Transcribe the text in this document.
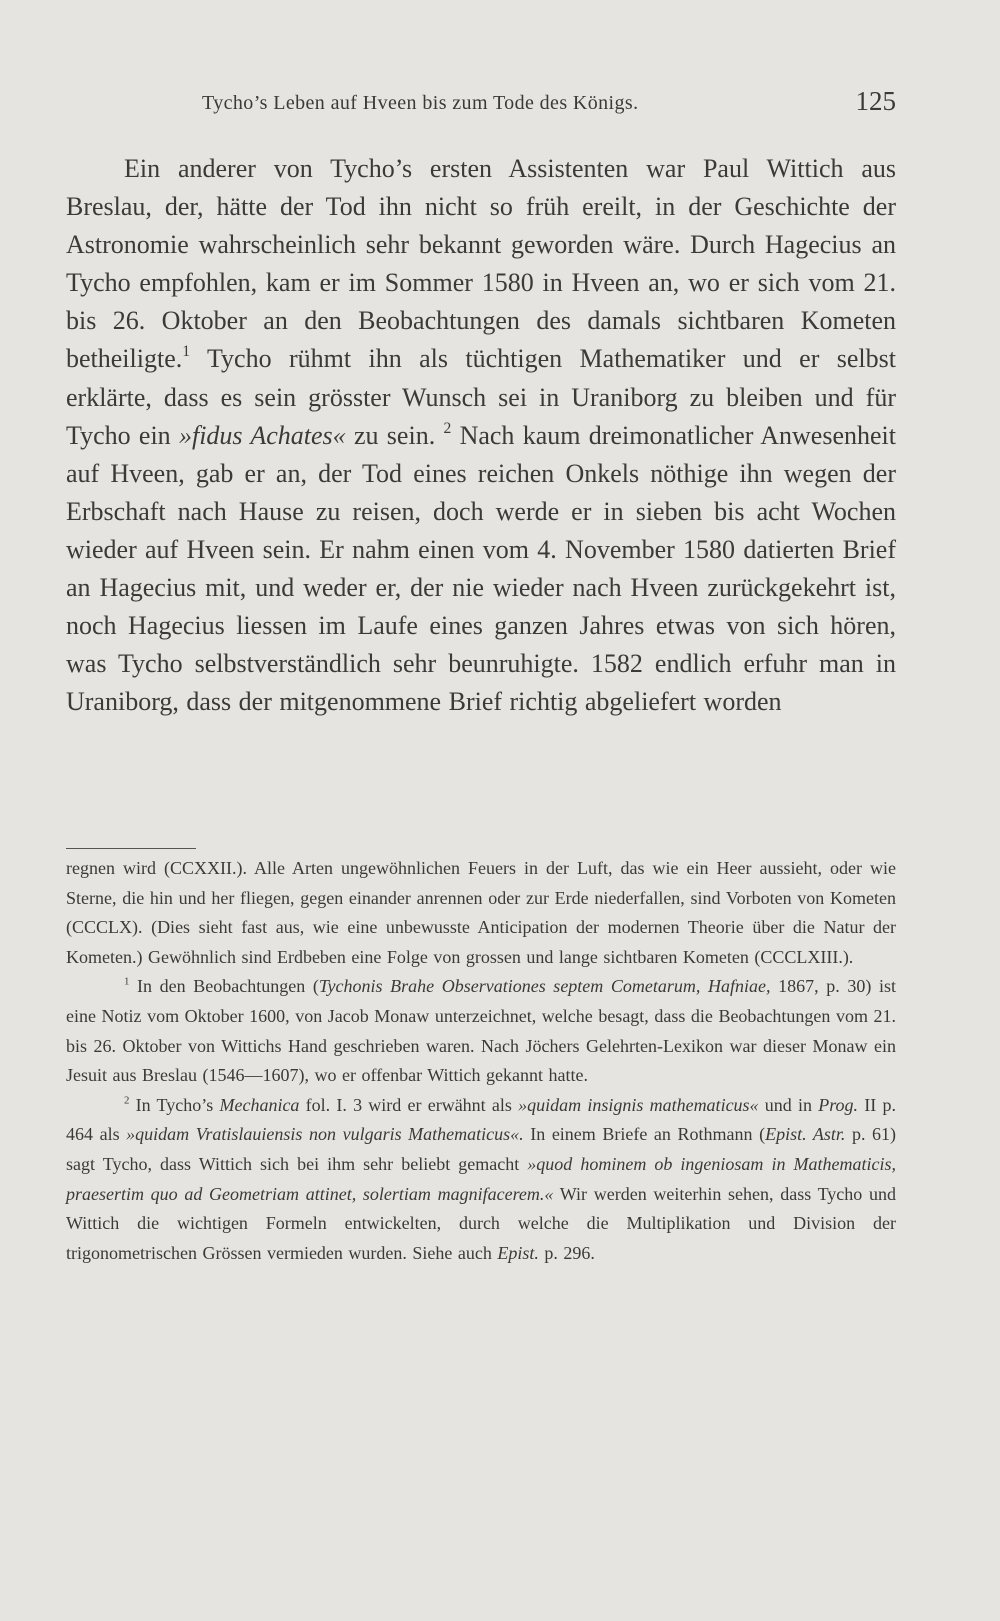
Tycho’s Leben auf Hveen bis zum Tode des Königs.	125

Ein anderer von Tycho’s ersten Assistenten war Paul Wittich aus Breslau, der, hätte der Tod ihn nicht so früh ereilt, in der Geschichte der Astronomie wahrscheinlich sehr bekannt geworden wäre. Durch Hagecius an Tycho empfohlen, kam er im Sommer 1580 in Hveen an, wo er sich vom 21. bis 26. Oktober an den Beobachtungen des damals sichtbaren Kometen betheiligte.$^1$ Tycho rühmt ihn als tüchtigen Mathematiker und er selbst erklärte, dass es sein grösster Wunsch sei in Uraniborg zu bleiben und für Tycho ein »fidus Achates« zu sein. $^2$ Nach kaum dreimonatlicher Anwesenheit auf Hveen, gab er an, der Tod eines reichen Onkels nöthige ihn wegen der Erbschaft nach Hause zu reisen, doch werde er in sieben bis acht Wochen wieder auf Hveen sein. Er nahm einen vom 4. November 1580 datierten Brief an Hagecius mit, und weder er, der nie wieder nach Hveen zurückgekehrt ist, noch Hagecius liessen im Laufe eines ganzen Jahres etwas von sich hören, was Tycho selbstverständlich sehr beunruhigte. 1582 endlich erfuhr man in Uraniborg, dass der mitgenommene Brief richtig abgeliefert worden

regnen wird (CCXXII.). Alle Arten ungewöhnlichen Feuers in der Luft, das wie ein Heer aussieht, oder wie Sterne, die hin und her fliegen, gegen einander anrennen oder zur Erde niederfallen, sind Vorboten von Kometen (CCCLX). (Dies sieht fast aus, wie eine unbewusste Anticipation der modernen Theorie über die Natur der Kometen.) Gewöhnlich sind Erdbeben eine Folge von grossen und lange sichtbaren Kometen (CCCLXIII.).

$^1$ In den Beobachtungen (Tychonis Brahe Observationes septem Cometarum, Hafniae, 1867, p. 30) ist eine Notiz vom Oktober 1600, von Jacob Monaw unterzeichnet, welche besagt, dass die Beobachtungen vom 21. bis 26. Oktober von Wittichs Hand geschrieben waren. Nach Jöchers Gelehrten-Lexikon war dieser Monaw ein Jesuit aus Breslau (1546—1607), wo er offenbar Wittich gekannt hatte.

$^2$ In Tycho’s Mechanica fol. I. 3 wird er erwähnt als »quidam insignis mathematicus« und in Prog. II p. 464 als »quidam Vratislauiensis non vulgaris Mathematicus«. In einem Briefe an Rothmann (Epist. Astr. p. 61) sagt Tycho, dass Wittich sich bei ihm sehr beliebt gemacht »quod hominem ob ingeniosam in Mathematicis, praesertim quo ad Geometriam attinet, solertiam magnifacerem.« Wir werden weiterhin sehen, dass Tycho und Wittich die wichtigen Formeln entwickelten, durch welche die Multiplikation und Division der trigonometrischen Grössen vermieden wurden. Siehe auch Epist. p. 296.
